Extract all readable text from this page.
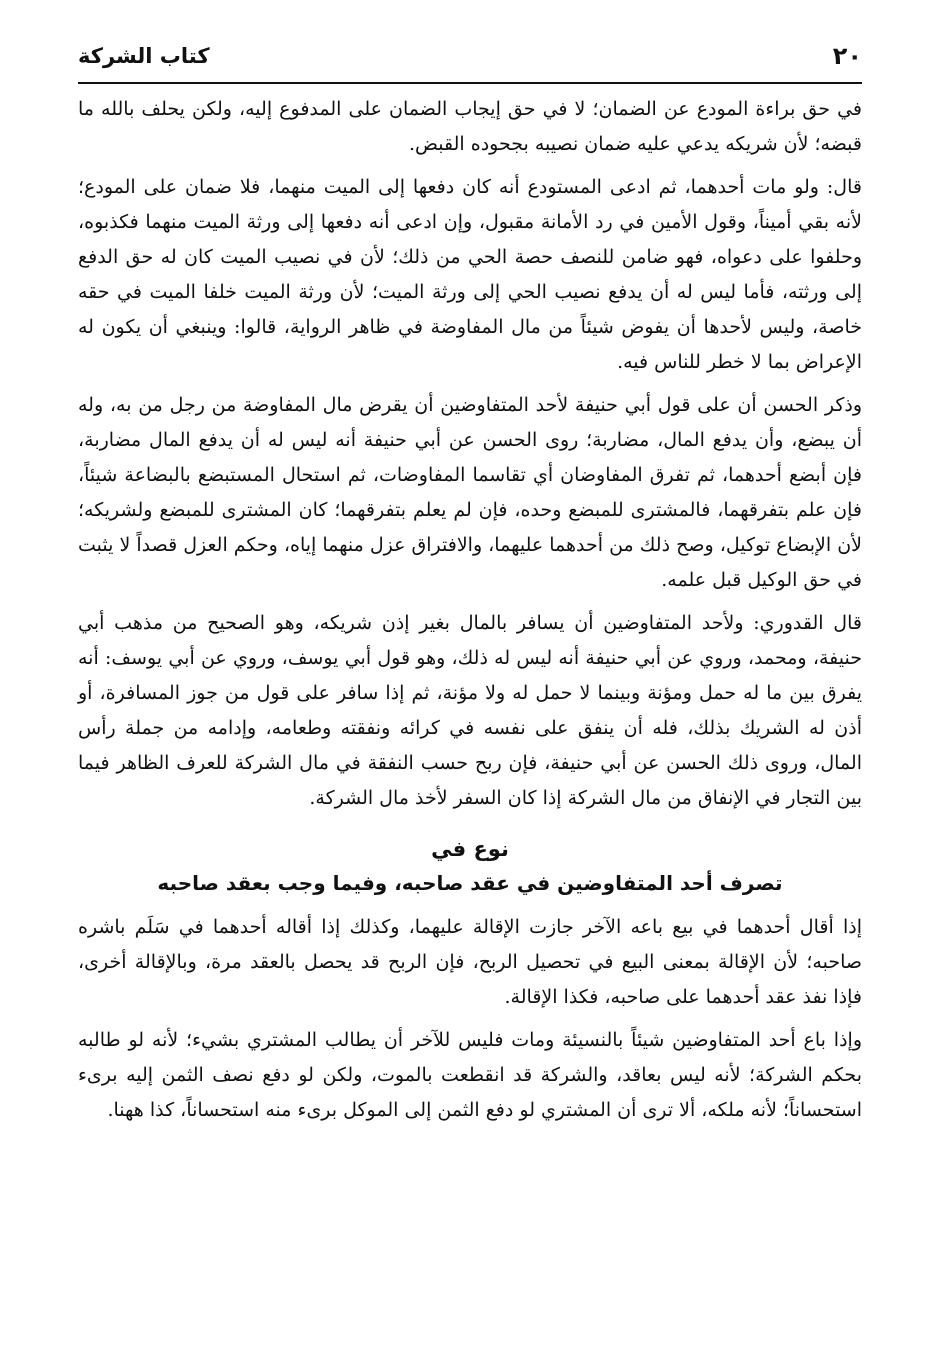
٢٠
كتاب الشركة

في حق براءة المودع عن الضمان؛ لا في حق إيجاب الضمان على المدفوع إليه، ولكن يحلف بالله ما قبضه؛ لأن شريكه يدعي عليه ضمان نصيبه بجحوده القبض.

قال: ولو مات أحدهما، ثم ادعى المستودع أنه كان دفعها إلى الميت منهما، فلا ضمان على المودع؛ لأنه بقي أميناً، وقول الأمين في رد الأمانة مقبول، وإن ادعى أنه دفعها إلى ورثة الميت منهما فكذبوه، وحلفوا على دعواه، فهو ضامن للنصف حصة الحي من ذلك؛ لأن في نصيب الميت كان له حق الدفع إلى ورثته، فأما ليس له أن يدفع نصيب الحي إلى ورثة الميت؛ لأن ورثة الميت خلفا الميت في حقه خاصة، وليس لأحدها أن يفوض شيئاً من مال المفاوضة في ظاهر الرواية، قالوا: وينبغي أن يكون له الإعراض بما لا خطر للناس فيه.

وذكر الحسن أن على قول أبي حنيفة لأحد المتفاوضين أن يقرض مال المفاوضة من رجل من به، وله أن يبضع، وأن يدفع المال، مضاربة؛ روى الحسن عن أبي حنيفة أنه ليس له أن يدفع المال مضاربة، فإن أبضع أحدهما، ثم تفرق المفاوضان أي تقاسما المفاوضات، ثم استحال المستبضع بالبضاعة شيئاً، فإن علم بتفرقهما، فالمشترى للمبضع وحده، فإن لم يعلم بتفرقهما؛ كان المشترى للمبضع ولشريكه؛ لأن الإبضاع توكيل، وصح ذلك من أحدهما عليهما، والافتراق عزل منهما إياه، وحكم العزل قصداً لا يثبت في حق الوكيل قبل علمه.

قال القدوري: ولأحد المتفاوضين أن يسافر بالمال بغير إذن شريكه، وهو الصحيح من مذهب أبي حنيفة، ومحمد، وروي عن أبي حنيفة أنه ليس له ذلك، وهو قول أبي يوسف، وروي عن أبي يوسف: أنه يفرق بين ما له حمل ومؤنة وبينما لا حمل له ولا مؤنة، ثم إذا سافر على قول من جوز المسافرة، أو أذن له الشريك بذلك، فله أن ينفق على نفسه في كرائه ونفقته وطعامه، وإدامه من جملة رأس المال، وروى ذلك الحسن عن أبي حنيفة، فإن ربح حسب النفقة في مال الشركة للعرف الظاهر فيما بين التجار في الإنفاق من مال الشركة إذا كان السفر لأخذ مال الشركة.

نوع في
تصرف أحد المتفاوضين في عقد صاحبه، وفيما وجب بعقد صاحبه

إذا أقال أحدهما في بيع باعه الآخر جازت الإقالة عليهما، وكذلك إذا أقاله أحدهما في سَلَم باشره صاحبه؛ لأن الإقالة بمعنى البيع في تحصيل الربح، فإن الربح قد يحصل بالعقد مرة، وبالإقالة أخرى، فإذا نفذ عقد أحدهما على صاحبه، فكذا الإقالة.

وإذا باع أحد المتفاوضين شيئاً بالنسيئة ومات فليس للآخر أن يطالب المشتري بشيء؛ لأنه لو طالبه بحكم الشركة؛ لأنه ليس بعاقد، والشركة قد انقطعت بالموت، ولكن لو دفع نصف الثمن إليه برىء استحساناً؛ لأنه ملكه، ألا ترى أن المشتري لو دفع الثمن إلى الموكل برىء منه استحساناً، كذا ههنا.
